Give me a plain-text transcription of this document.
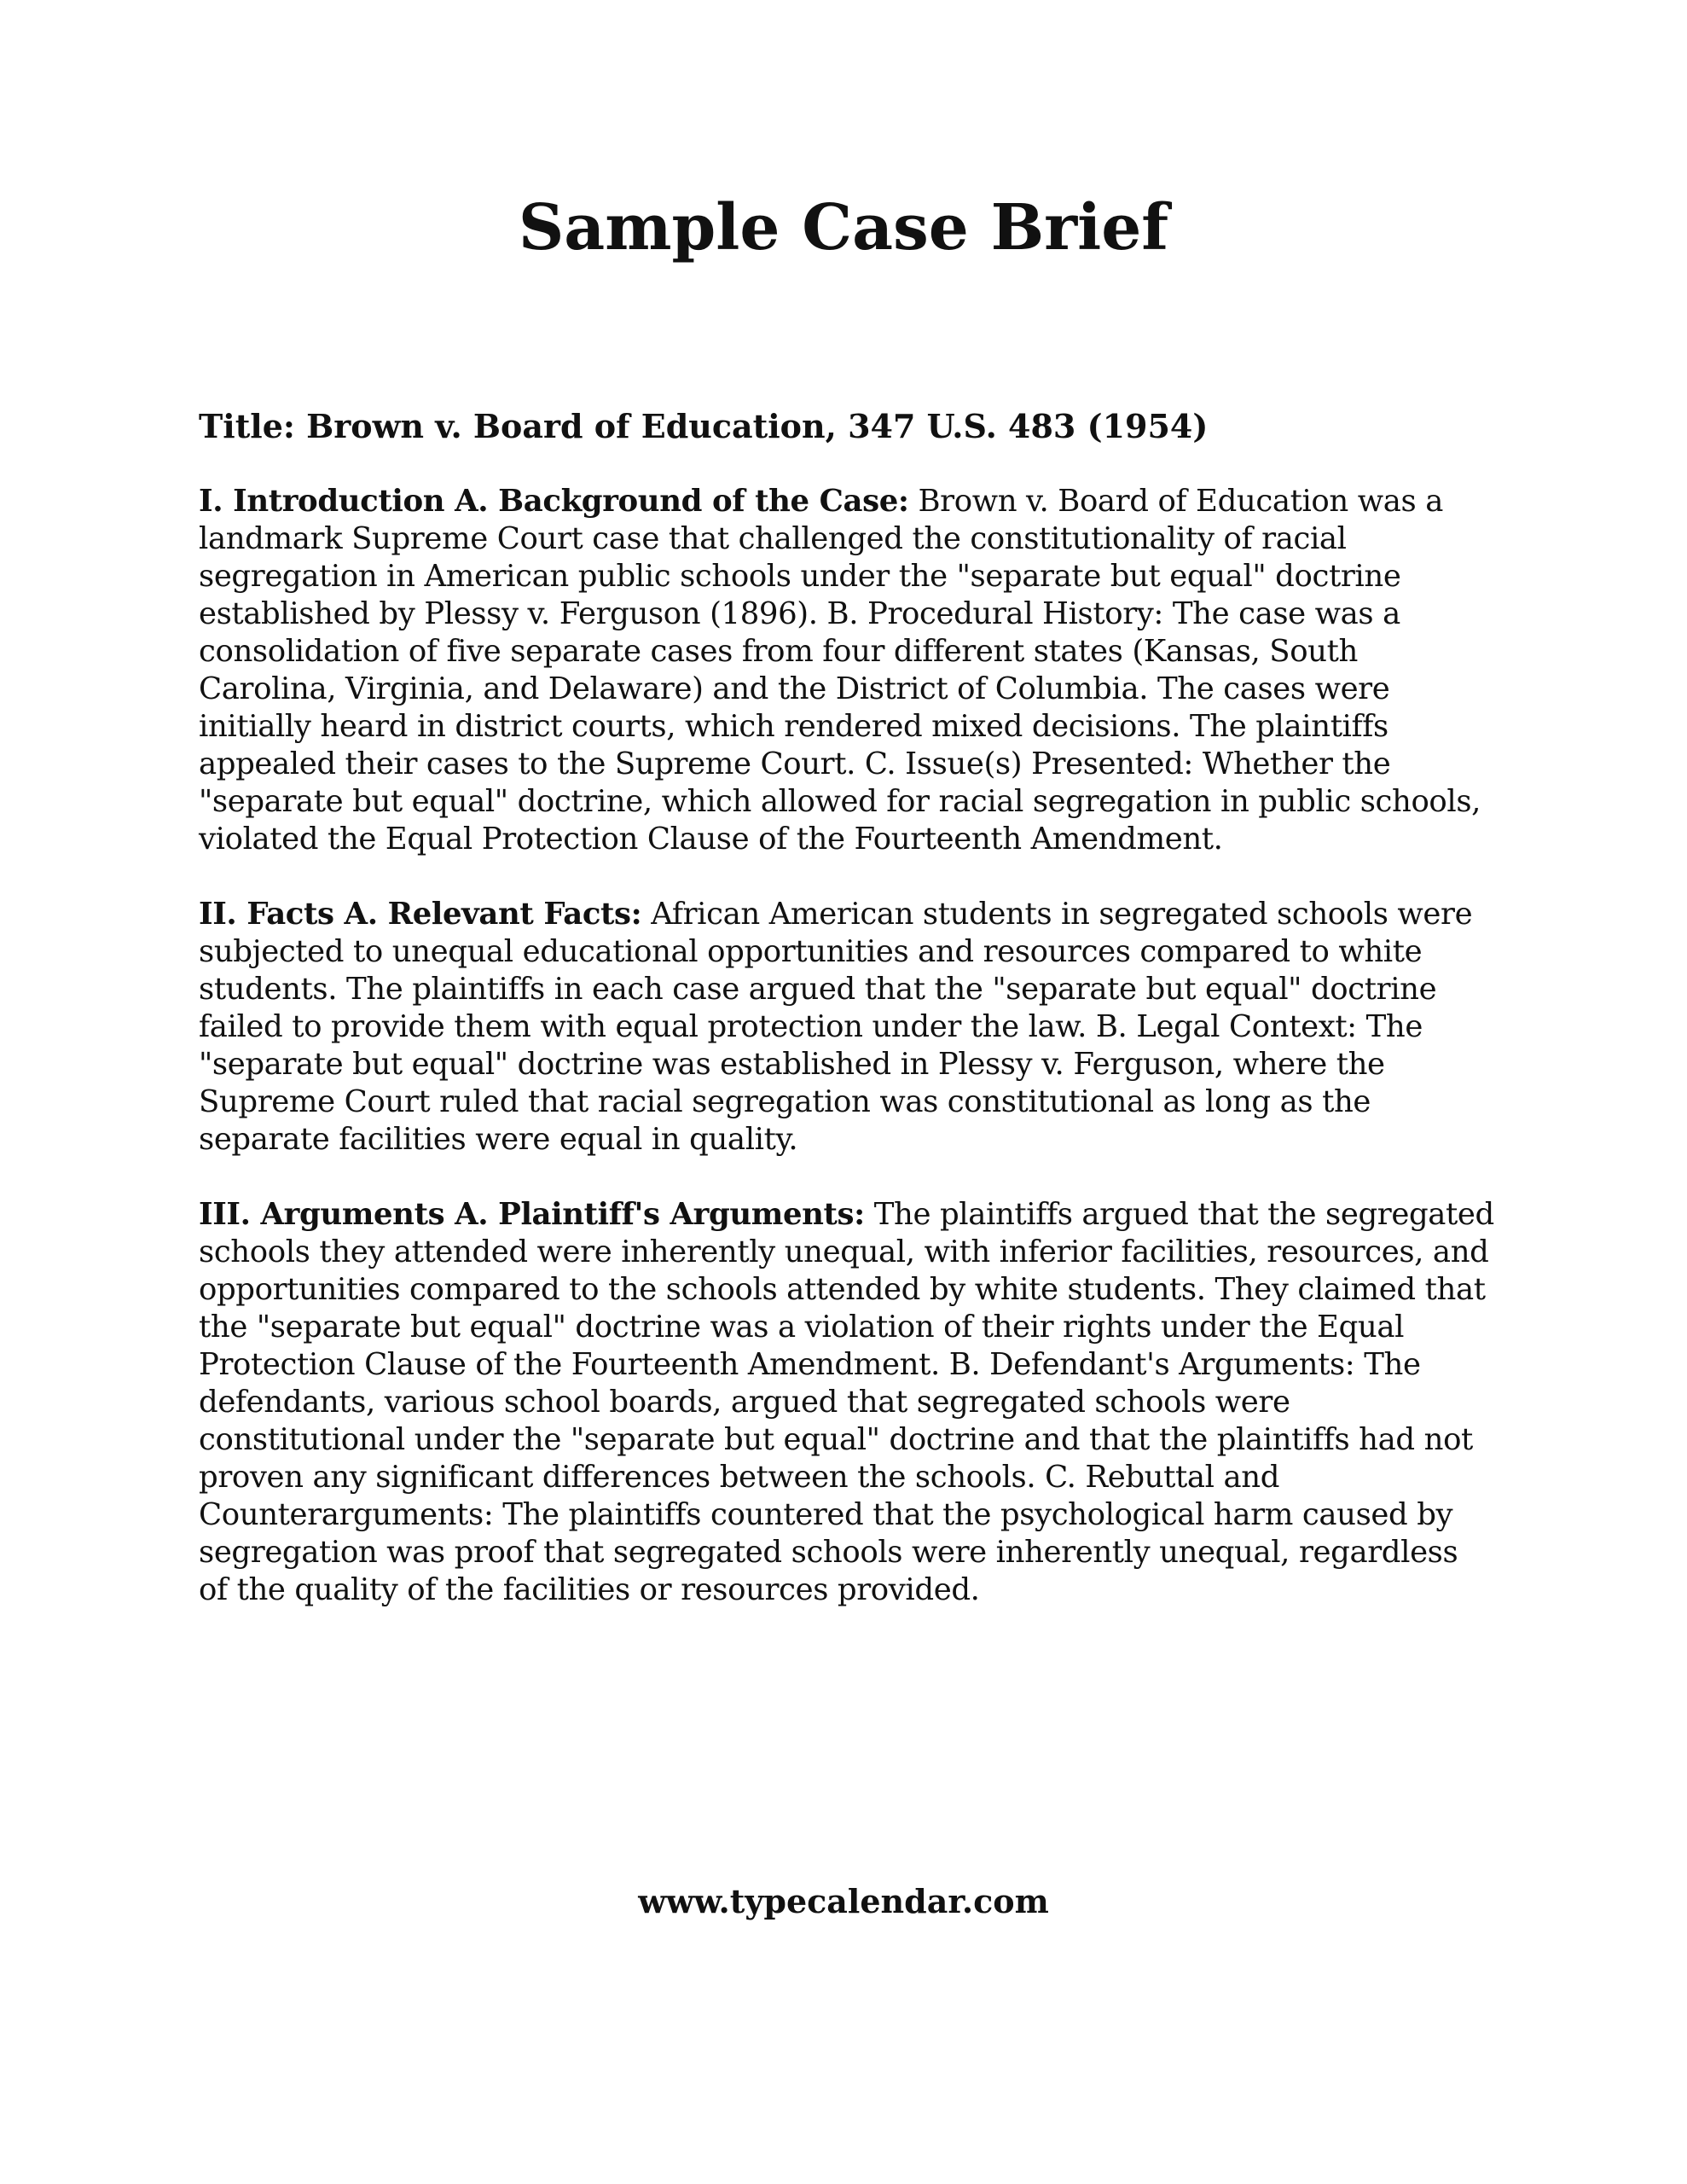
Sample Case Brief

Title: Brown v. Board of Education, 347 U.S. 483 (1954)

I. Introduction A. Background of the Case: Brown v. Board of Education was a landmark Supreme Court case that challenged the constitutionality of racial segregation in American public schools under the "separate but equal" doctrine established by Plessy v. Ferguson (1896). B. Procedural History: The case was a consolidation of five separate cases from four different states (Kansas, South Carolina, Virginia, and Delaware) and the District of Columbia. The cases were initially heard in district courts, which rendered mixed decisions. The plaintiffs appealed their cases to the Supreme Court. C. Issue(s) Presented: Whether the "separate but equal" doctrine, which allowed for racial segregation in public schools, violated the Equal Protection Clause of the Fourteenth Amendment.

II. Facts A. Relevant Facts: African American students in segregated schools were subjected to unequal educational opportunities and resources compared to white students. The plaintiffs in each case argued that the "separate but equal" doctrine failed to provide them with equal protection under the law. B. Legal Context: The "separate but equal" doctrine was established in Plessy v. Ferguson, where the Supreme Court ruled that racial segregation was constitutional as long as the separate facilities were equal in quality.

III. Arguments A. Plaintiff's Arguments: The plaintiffs argued that the segregated schools they attended were inherently unequal, with inferior facilities, resources, and opportunities compared to the schools attended by white students. They claimed that the "separate but equal" doctrine was a violation of their rights under the Equal Protection Clause of the Fourteenth Amendment. B. Defendant's Arguments: The defendants, various school boards, argued that segregated schools were constitutional under the "separate but equal" doctrine and that the plaintiffs had not proven any significant differences between the schools. C. Rebuttal and Counterarguments: The plaintiffs countered that the psychological harm caused by segregation was proof that segregated schools were inherently unequal, regardless of the quality of the facilities or resources provided.

www.typecalendar.com
